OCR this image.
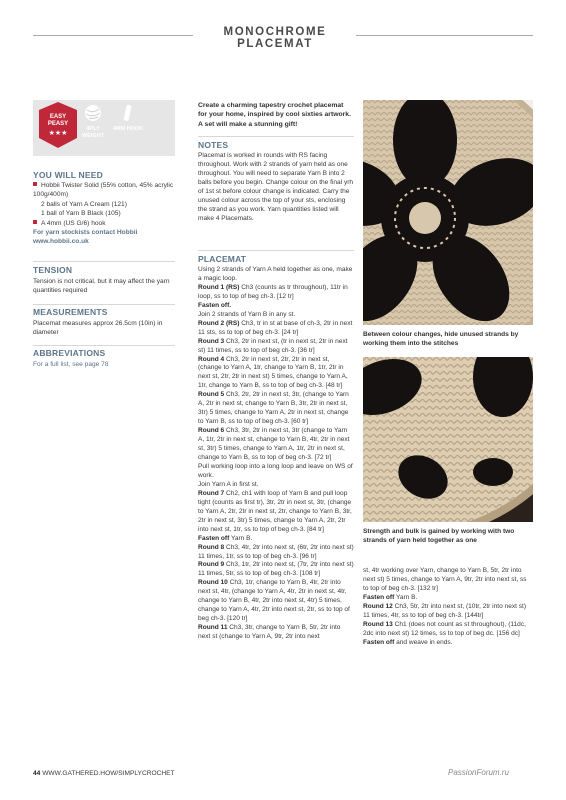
MONOCHROME PLACEMAT
EASY PEASY
★★★
4PLY WEIGHT
4MM HOOK
YOU WILL NEED
Hobbii Twister Solid (55% cotton, 45% acrylic 100g/400m)
2 balls of Yarn A Cream (121)
1 ball of Yarn B Black (105)
A 4mm (US G/6) hook
For yarn stockists contact Hobbii www.hobbii.co.uk
TENSION
Tension is not critical, but it may affect the yarn quantities required
MEASUREMENTS
Placemat measures approx 26.5cm (10in) in diameter
ABBREVIATIONS
For a full list, see page 78
Create a charming tapestry crochet placemat for your home, inspired by cool sixties artwork. A set will make a stunning gift!
NOTES
Placemat is worked in rounds with RS facing throughout. Work with 2 strands of yarn held as one throughout. You will need to separate Yarn B into 2 balls before you begin. Change colour on the final yrh of 1st st before colour change is indicated. Carry the unused colour across the top of your sts, enclosing the strand as you work. Yarn quantities listed will make 4 Placemats.
PLACEMAT
Using 2 strands of Yarn A held together as one, make a magic loop.
Round 1 (RS) Ch3 (counts as tr throughout), 11tr in loop, ss to top of beg ch-3. [12 tr]
Fasten off.
Join 2 strands of Yarn B in any st.
Round 2 (RS) Ch3, tr in st at base of ch-3, 2tr in next 11 sts, ss to top of beg ch-3. [24 tr]
Round 3 Ch3, 2tr in next st, (tr in next st, 2tr in next st) 11 times, ss to top of beg ch-3. [36 tr]
Round 4 Ch3, 2tr in next st, 2tr, 2tr in next st, (change to Yarn A, 1tr, change to Yarn B, 1tr, 2tr in next st, 2tr, 2tr in next st) 5 times, change to Yarn A, 1tr, change to Yarn B, ss to top of beg ch-3. [48 tr]
Round 5 Ch3, 2tr, 2tr in next st, 3tr, (change to Yarn A, 2tr in next st, change to Yarn B, 3tr, 2tr in next st, 3tr) 5 times, change to Yarn A, 2tr in next st, change to Yarn B, ss to top of beg ch-3. [60 tr]
Round 6 Ch3, 3tr, 2tr in next st, 3tr (change to Yarn A, 1tr, 2tr in next st, change to Yarn B, 4tr, 2tr in next st, 3tr) 5 times, change to Yarn A, 1tr, 2tr in next st, change to Yarn B, ss to top of beg ch-3. [72 tr]
Pull working loop into a long loop and leave on WS of work.
Join Yarn A in first st.
Round 7 Ch2, ch1 with loop of Yarn B and pull loop tight (counts as first tr), 3tr, 2tr in next st, 3tr, (change to Yarn A, 2tr, 2tr in next st, 2tr, change to Yarn B, 3tr, 2tr in next st, 3tr) 5 times, change to Yarn A, 2tr, 2tr into next st, 1tr, ss to top of beg ch-3. [84 tr]
Fasten off Yarn B.
Round 8 Ch3, 4tr, 2tr into next st, (6tr, 2tr into next st) 11 times, 1tr, ss to top of beg ch-3. [96 tr]
Round 9 Ch3, 1tr, 2tr into next st, (7tr, 2tr into next st) 11 times, 5tr, ss to top of beg ch-3. [108 tr]
Round 10 Ch3, 1tr, change to Yarn B, 4tr, 2tr into next st, 4tr, (change to Yarn A, 4tr, 2tr in next st, 4tr, change to Yarn B, 4tr, 2tr into next st, 4tr) 5 times, change to Yarn A, 4tr, 2tr into next st, 2tr, ss to top of beg ch-3. [120 tr]
Round 11 Ch3, 3tr, change to Yarn B, 5tr, 2tr into next st (change to Yarn A, 9tr, 2tr into next
st, 4tr working over Yarn, change to Yarn B, 5tr, 2tr into next st) 5 times, change to Yarn A, 9tr, 2tr into next st, ss to top of beg ch-3. [132 tr]
Fasten off Yarn B.
Round 12 Ch3, 5tr, 2tr into next st, (10tr, 2tr into next st) 11 times, 4tr, ss to top of beg ch-3. [144tr]
Round 13 Ch1 (does not count as st throughout), (11dc, 2dc into next st) 12 times, ss to top of beg dc. [156 dc]
Fasten off and weave in ends.
Between colour changes, hide unused strands by working them into the stitches
Strength and bulk is gained by working with two strands of yarn held together as one
44 WWW.GATHERED.HOW/SIMPLYCROCHET	PassionForum.ru
